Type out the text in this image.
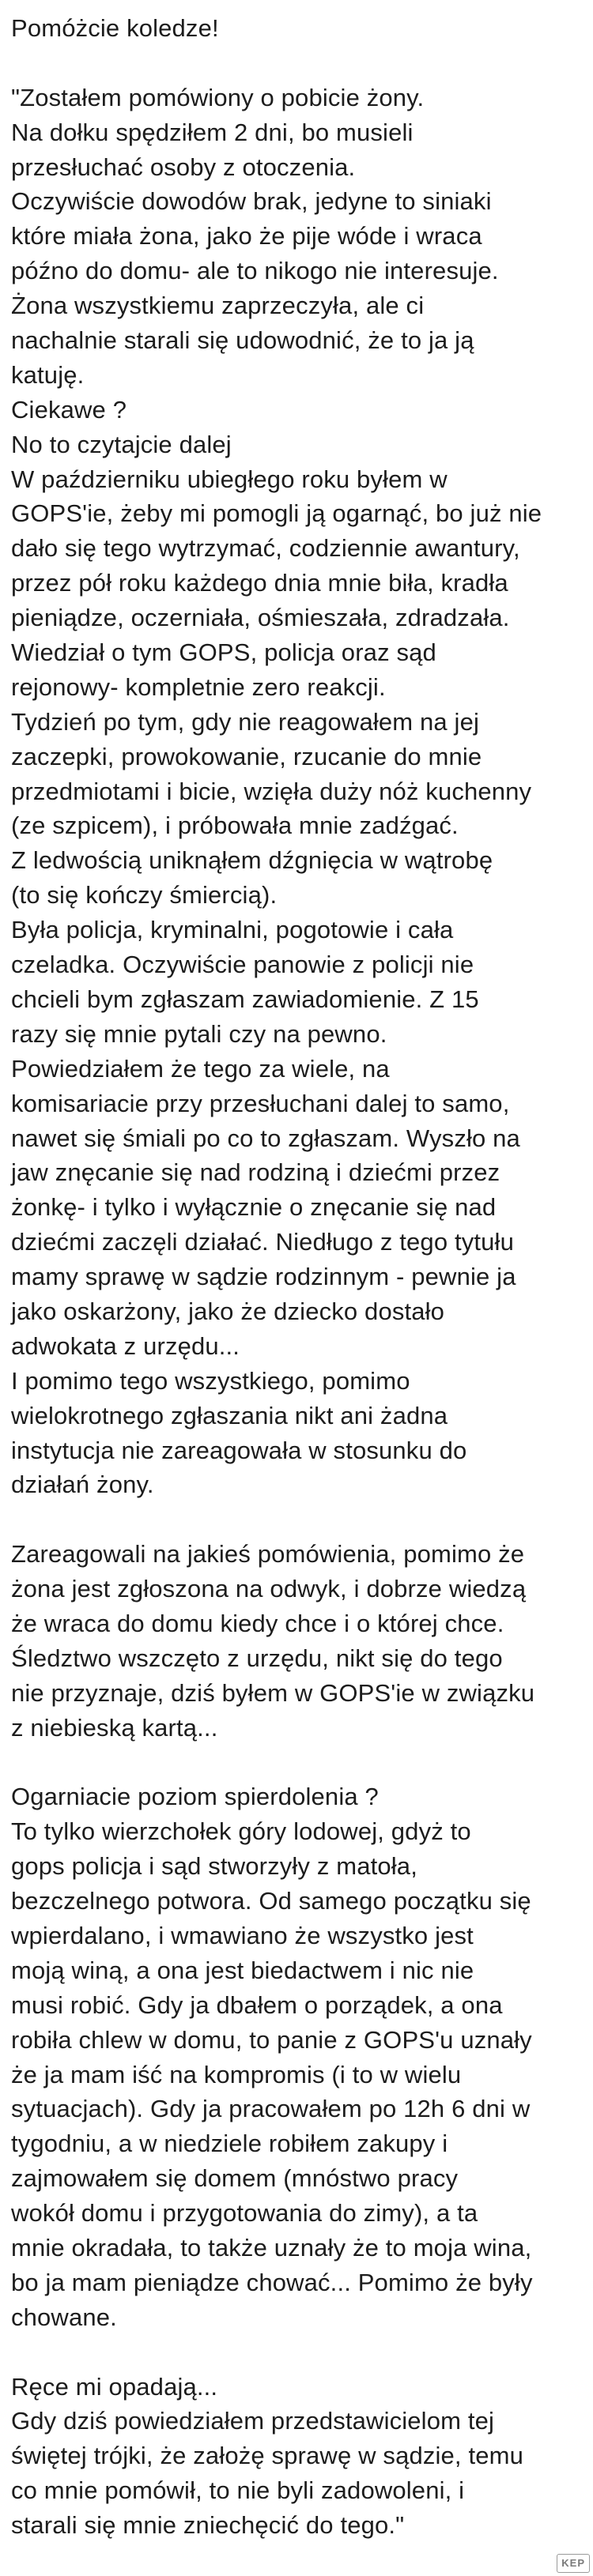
Pomóżcie koledze!
"Zostałem pomówiony o pobicie żony.
Na dołku spędziłem 2 dni, bo musieli
przesłuchać osoby z otoczenia.
Oczywiście dowodów brak, jedyne to siniaki
które miała żona, jako że pije wóde i wraca
późno do domu- ale to nikogo nie interesuje.
Żona wszystkiemu zaprzeczyła, ale ci
nachalnie starali się udowodnić, że to ja ją
katuję.
Ciekawe ?
No to czytajcie dalej
W październiku ubiegłego roku byłem w
GOPS'ie, żeby mi pomogli ją ogarnąć, bo już nie
dało się tego wytrzymać, codziennie awantury,
przez pół roku każdego dnia mnie biła, kradła
pieniądze, oczerniała, ośmieszała, zdradzała.
Wiedział o tym GOPS, policja oraz sąd
rejonowy- kompletnie zero reakcji.
Tydzień po tym, gdy nie reagowałem na jej
zaczepki, prowokowanie, rzucanie do mnie
przedmiotami i bicie, wzięła duży nóż kuchenny
(ze szpicem), i próbowała mnie zadźgać.
Z ledwością uniknąłem dźgnięcia w wątrobę
(to się kończy śmiercią).
Była policja, kryminalni, pogotowie i cała
czeladka. Oczywiście panowie z policji nie
chcieli bym zgłaszam zawiadomienie. Z 15
razy się mnie pytali czy na pewno.
Powiedziałem że tego za wiele, na
komisariacie przy przesłuchani dalej to samo,
nawet się śmiali po co to zgłaszam. Wyszło na
jaw znęcanie się nad rodziną i dziećmi przez
żonkę- i tylko i wyłącznie o znęcanie się nad
dziećmi zaczęli działać. Niedługo z tego tytułu
mamy sprawę w sądzie rodzinnym - pewnie ja
jako oskarżony, jako że dziecko dostało
adwokata z urzędu...
I pomimo tego wszystkiego, pomimo
wielokrotnego zgłaszania nikt ani żadna
instytucja nie zareagowała w stosunku do
działań żony.
Zareagowali na jakieś pomówienia, pomimo że
żona jest zgłoszona na odwyk, i dobrze wiedzą
że wraca do domu kiedy chce i o której chce.
Śledztwo wszczęto z urzędu, nikt się do tego
nie przyznaje, dziś byłem w GOPS'ie w związku
z niebieską kartą...
Ogarniacie poziom spierdolenia ?
To tylko wierzchołek góry lodowej, gdyż to
gops policja i sąd stworzyły z matoła,
bezczelnego potwora. Od samego początku się
wpierdalano, i wmawiano że wszystko jest
moją winą, a ona jest biedactwem i nic nie
musi robić. Gdy ja dbałem o porządek, a ona
robiła chlew w domu, to panie z GOPS'u uznały
że ja mam iść na kompromis (i to w wielu
sytuacjach). Gdy ja pracowałem po 12h 6 dni w
tygodniu, a w niedziele robiłem zakupy i
zajmowałem się domem (mnóstwo pracy
wokół domu i przygotowania do zimy), a ta
mnie okradała, to także uznały że to moja wina,
bo ja mam pieniądze chować... Pomimo że były
chowane.
Ręce mi opadają...
Gdy dziś powiedziałem przedstawicielom tej
świętej trójki, że założę sprawę w sądzie, temu
co mnie pomówił, to nie byli zadowoleni, i
starali się mnie zniechęcić do tego."
KEP
